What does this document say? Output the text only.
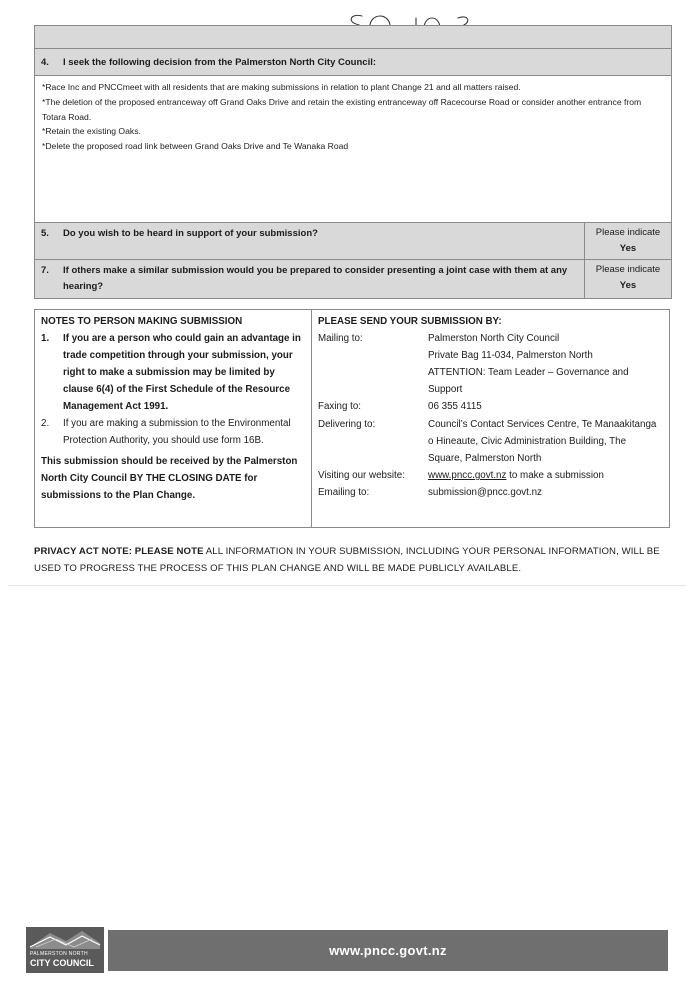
4. I seek the following decision from the Palmerston North City Council:

*Race Inc and PNCCmeet with all residents that are making submissions in relation to plant Change 21 and all matters raised.

*The deletion of the proposed entranceway off Grand Oaks Drive and retain the existing entranceway off Racecourse Road or consider another entrance from Totara Road.

*Retain the existing Oaks.

*Delete the proposed road link between Grand Oaks Drive and Te Wanaka Road

5. Do you wish to be heard in support of your submission?	Please indicate
Yes
7.	If others make a similar submission would you be prepared to consider presenting a joint case with them at any hearing?
Please indicate
Yes
NOTES TO PERSON MAKING SUBMISSION
1.	If you are a person who could gain an advantage in trade competition through your submission, your right to make a submission may be limited by clause 6(4) of the First Schedule of the Resource Management Act 1991.
2.	If you are making a submission to the Environmental Protection Authority, you should use form 16B.
This submission should be received by the Palmerston North City Council BY THE CLOSING DATE for submissions to the Plan Change.
PLEASE SEND YOUR SUBMISSION BY:
Mailing to:	Palmerston North City Council
Private Bag 11-034, Palmerston North
ATTENTION: Team Leader – Governance and Support
Faxing to:	06 355 4115
Delivering to:	Council’s Contact Services Centre, Te Manaakitanga o Hineaute, Civic Administration Building, The Square, Palmerston North
Visiting our website:	www.pncc.govt.nz to make a submission
Emailing to:	submission@pncc.govt.nz
PRIVACY ACT NOTE: PLEASE NOTE ALL INFORMATION IN YOUR SUBMISSION, INCLUDING YOUR PERSONAL INFORMATION, WILL BE USED TO PROGRESS THE PROCESS OF THIS PLAN CHANGE AND WILL BE MADE PUBLICLY AVAILABLE.
PALMERSTON NORTH
CITY COUNCIL
www.pncc.govt.nz
